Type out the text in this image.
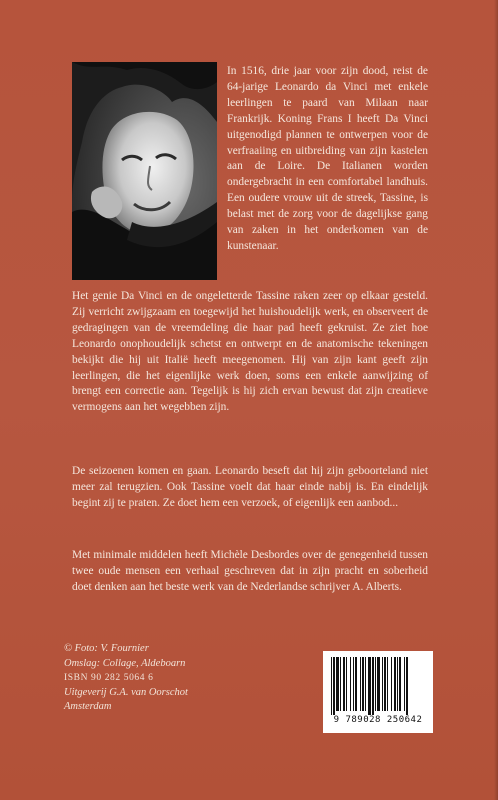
In 1516, drie jaar voor zijn dood, reist de 64-jarige Leonardo da Vinci met enkele leerlingen te paard van Milaan naar Frankrijk. Koning Frans I heeft Da Vinci uitgenodigd plannen te ontwerpen voor de verfraaiing en uitbreiding van zijn kastelen aan de Loire. De Italianen worden ondergebracht in een comfortabel landhuis. Een oudere vrouw uit de streek, Tassine, is belast met de zorg voor de dagelijkse gang van zaken in het onderkomen van de kunstenaar.

Het genie Da Vinci en de ongeletterde Tassine raken zeer op elkaar gesteld. Zij verricht zwijgzaam en toegewijd het huishoudelijk werk, en observeert de gedragingen van de vreemdeling die haar pad heeft gekruist. Ze ziet hoe Leonardo onophoudelijk schetst en ontwerpt en de anatomische tekeningen bekijkt die hij uit Italië heeft meegenomen. Hij van zijn kant geeft zijn leerlingen, die het eigenlijke werk doen, soms een enkele aanwijzing of brengt een correctie aan. Tegelijk is hij zich ervan bewust dat zijn creatieve vermogens aan het wegebben zijn.

De seizoenen komen en gaan. Leonardo beseft dat hij zijn geboorteland niet meer zal terugzien. Ook Tassine voelt dat haar einde nabij is. En eindelijk begint zij te praten. Ze doet hem een verzoek, of eigenlijk een aanbod...

Met minimale middelen heeft Michèle Desbordes over de genegenheid tussen twee oude mensen een verhaal geschreven dat in zijn pracht en soberheid doet denken aan het beste werk van de Nederlandse schrijver A. Alberts.

© Foto: V. Fournier
Omslag: Collage, Aldeboarn
ISBN 90 282 5064 6
Uitgeverij G.A. van Oorschot
Amsterdam
9 789028 250642
